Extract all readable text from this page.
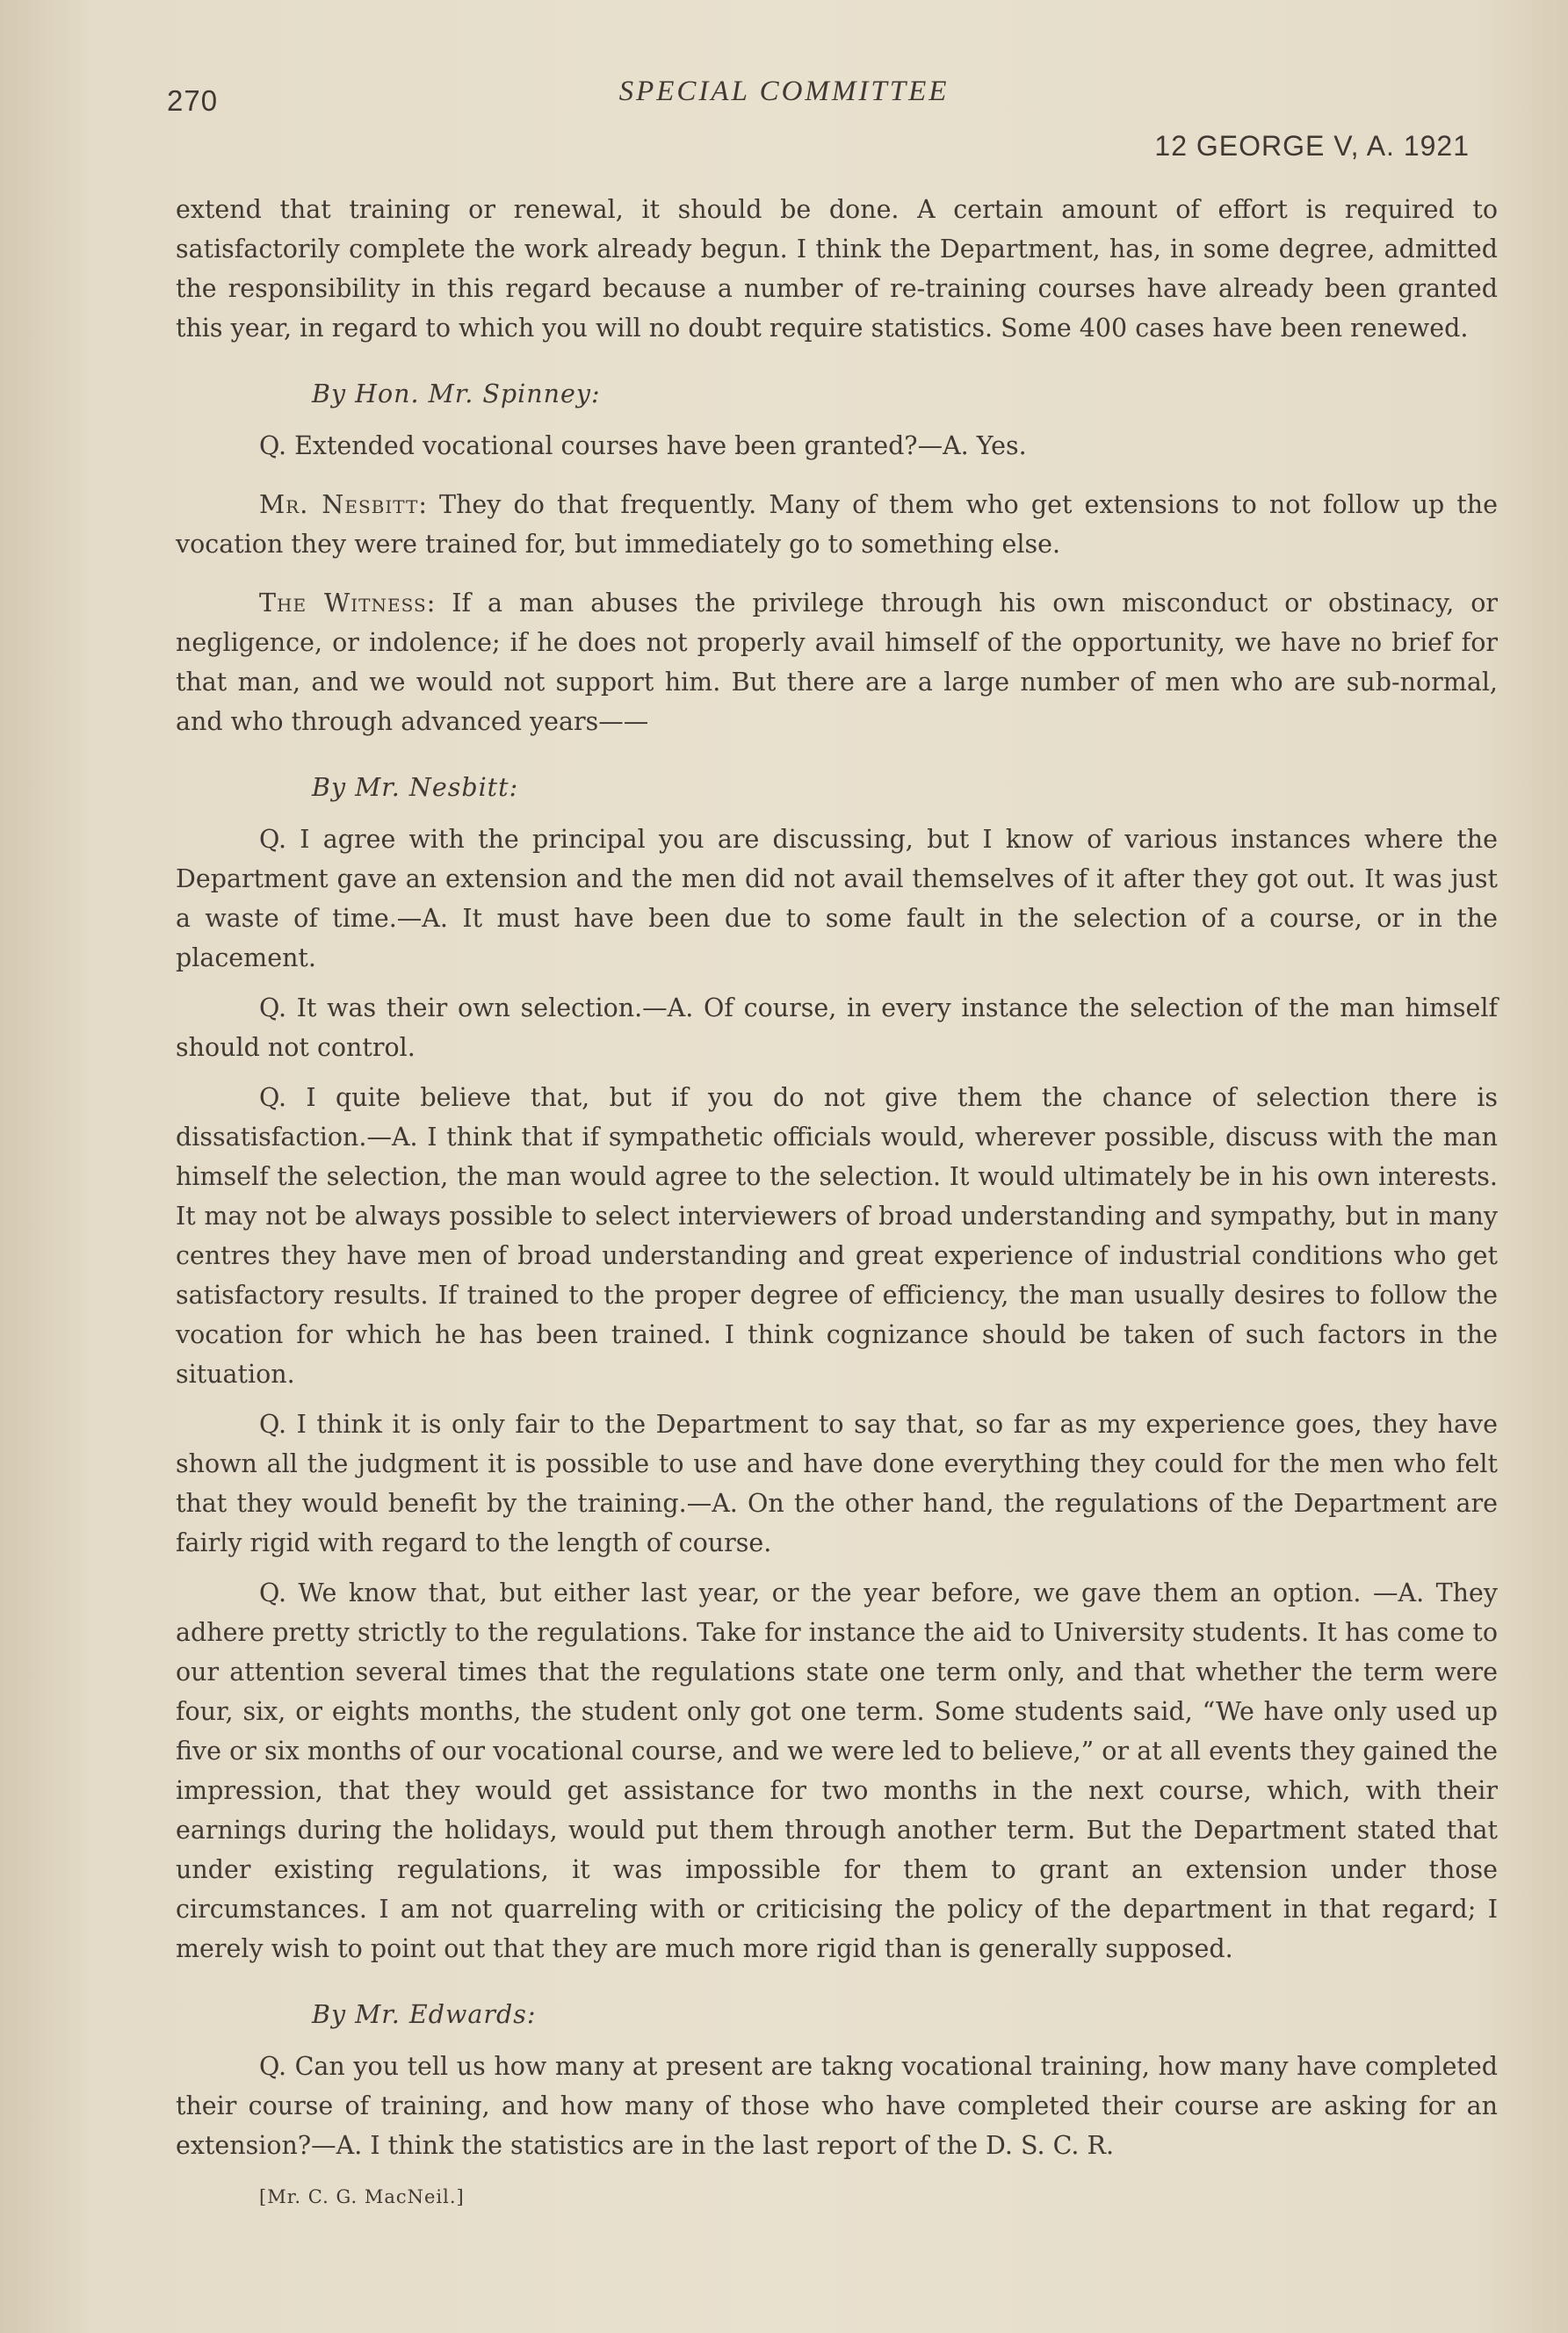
270	SPECIAL COMMITTEE
12 GEORGE V, A. 1921

extend that training or renewal, it should be done. A certain amount of effort is required to satisfactorily complete the work already begun. I think the Department, has, in some degree, admitted the responsibility in this regard because a number of re-training courses have already been granted this year, in regard to which you will no doubt require statistics. Some 400 cases have been renewed.

By Hon. Mr. Spinney:

Q. Extended vocational courses have been granted?—A. Yes.

Mr. Nesbitt: They do that frequently. Many of them who get extensions to not follow up the vocation they were trained for, but immediately go to something else.

The Witness: If a man abuses the privilege through his own misconduct or obstinacy, or negligence, or indolence; if he does not properly avail himself of the opportunity, we have no brief for that man, and we would not support him. But there are a large number of men who are sub-normal, and who through advanced years——

By Mr. Nesbitt:

Q. I agree with the principal you are discussing, but I know of various instances where the Department gave an extension and the men did not avail themselves of it after they got out. It was just a waste of time.—A. It must have been due to some fault in the selection of a course, or in the placement.

Q. It was their own selection.—A. Of course, in every instance the selection of the man himself should not control.

Q. I quite believe that, but if you do not give them the chance of selection there is dissatisfaction.—A. I think that if sympathetic officials would, wherever possible, discuss with the man himself the selection, the man would agree to the selection. It would ultimately be in his own interests. It may not be always possible to select interviewers of broad understanding and sympathy, but in many centres they have men of broad understanding and great experience of industrial conditions who get satisfactory results. If trained to the proper degree of efficiency, the man usually desires to follow the vocation for which he has been trained. I think cognizance should be taken of such factors in the situation.

Q. I think it is only fair to the Department to say that, so far as my experience goes, they have shown all the judgment it is possible to use and have done everything they could for the men who felt that they would benefit by the training.—A. On the other hand, the regulations of the Department are fairly rigid with regard to the length of course.

Q. We know that, but either last year, or the year before, we gave them an option. —A. They adhere pretty strictly to the regulations. Take for instance the aid to University students. It has come to our attention several times that the regulations state one term only, and that whether the term were four, six, or eights months, the student only got one term. Some students said, “We have only used up five or six months of our vocational course, and we were led to believe,” or at all events they gained the impression, that they would get assistance for two months in the next course, which, with their earnings during the holidays, would put them through another term. But the Department stated that under existing regulations, it was impossible for them to grant an extension under those circumstances. I am not quarreling with or criticising the policy of the department in that regard; I merely wish to point out that they are much more rigid than is generally supposed.

By Mr. Edwards:

Q. Can you tell us how many at present are takng vocational training, how many have completed their course of training, and how many of those who have completed their course are asking for an extension?—A. I think the statistics are in the last report of the D. S. C. R.

[Mr. C. G. MacNeil.]
